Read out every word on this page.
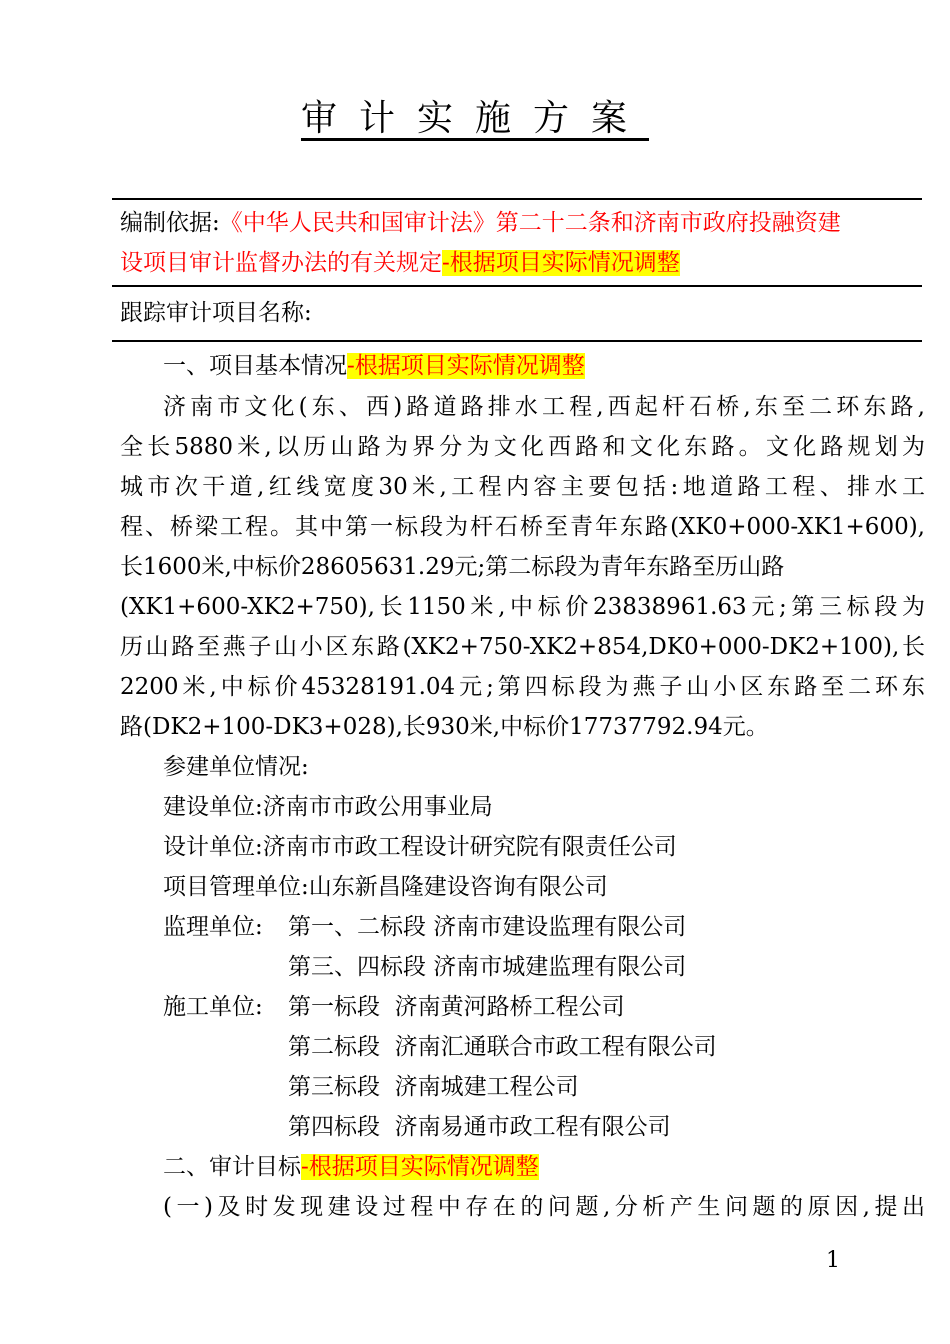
审计实施方案
编制依据:《中华人民共和国审计法》第二十二条和济南市政府投融资建
设项目审计监督办法的有关规定-根据项目实际情况调整
跟踪审计项目名称:
一、项目基本情况-根据项目实际情况调整
济南市文化(东、西)路道路排水工程,西起杆石桥,东至二环东路,
全长5880米,以历山路为界分为文化西路和文化东路。文化路规划为
城市次干道,红线宽度30米,工程内容主要包括:地道路工程、排水工
程、桥梁工程。其中第一标段为杆石桥至青年东路(XK0+000-XK1+600),
长1600米,中标价28605631.29元;第二标段为青年东路至历山路
(XK1+600-XK2+750),长1150米,中标价23838961.63元;第三标段为
历山路至燕子山小区东路(XK2+750-XK2+854,DK0+000-DK2+100),长
2200米,中标价45328191.04元;第四标段为燕子山小区东路至二环东
路(DK2+100-DK3+028),长930米,中标价17737792.94元。
参建单位情况:
建设单位:济南市市政公用事业局
设计单位:济南市市政工程设计研究院有限责任公司
项目管理单位:山东新昌隆建设咨询有限公司
监理单位:	第一、二标段 济南市建设监理有限公司
第三、四标段 济南市城建监理有限公司
施工单位:	第一标段  济南黄河路桥工程公司
第二标段  济南汇通联合市政工程有限公司
第三标段  济南城建工程公司
第四标段  济南易通市政工程有限公司
二、审计目标-根据项目实际情况调整
(一)及时发现建设过程中存在的问题,分析产生问题的原因,提出
1
